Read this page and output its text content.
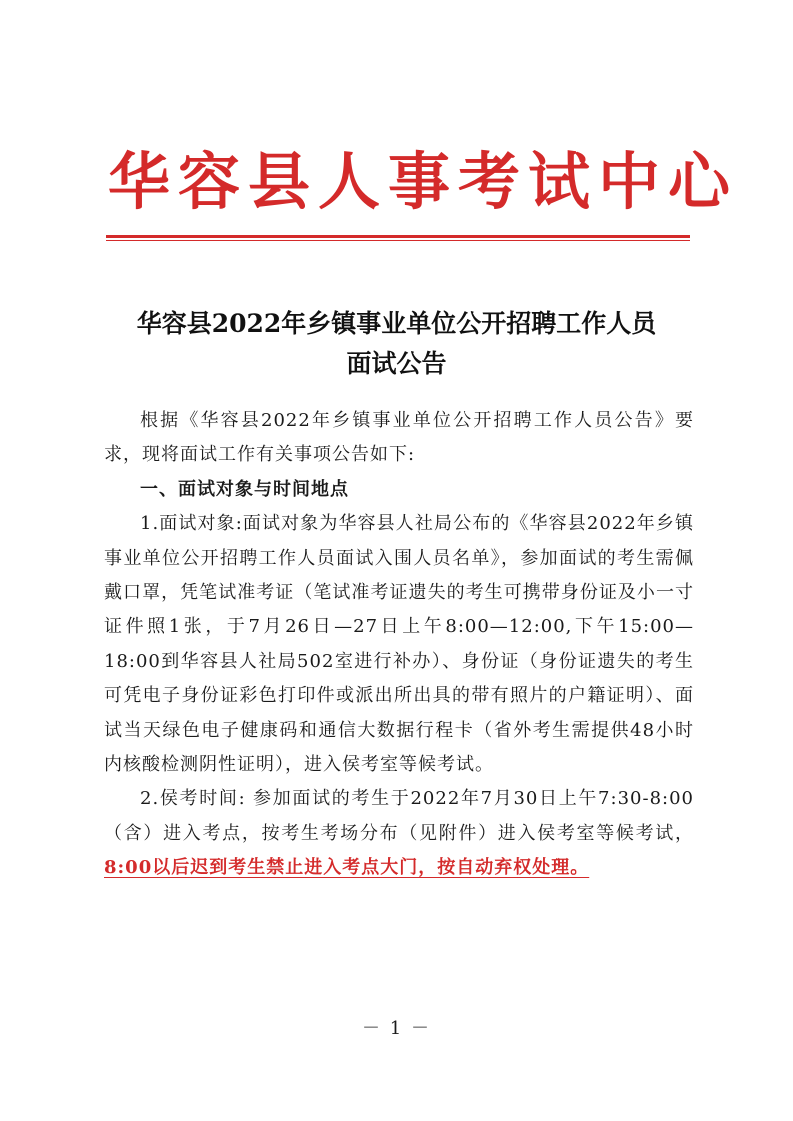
华容县人事考试中心
华容县2022年乡镇事业单位公开招聘工作人员
面试公告

根据《华容县2022年乡镇事业单位公开招聘工作人员公告》要求，现将面试工作有关事项公告如下:

一、面试对象与时间地点

1.面试对象:面试对象为华容县人社局公布的《华容县2022年乡镇事业单位公开招聘工作人员面试入围人员名单》，参加面试的考生需佩戴口罩，凭笔试准考证（笔试准考证遗失的考生可携带身份证及小一寸证件照1张，于7月26日—27日上午8:00—12:00,下午15:00—18:00到华容县人社局502室进行补办）、身份证（身份证遗失的考生可凭电子身份证彩色打印件或派出所出具的带有照片的户籍证明）、面试当天绿色电子健康码和通信大数据行程卡（省外考生需提供48小时内核酸检测阴性证明），进入侯考室等候考试。

2.侯考时间: 参加面试的考生于2022年7月30日上午7:30-8:00（含）进入考点，按考生考场分布（见附件）进入侯考室等候考试，8:00以后迟到考生禁止进入考点大门，按自动弃权处理。

－ 1 －
